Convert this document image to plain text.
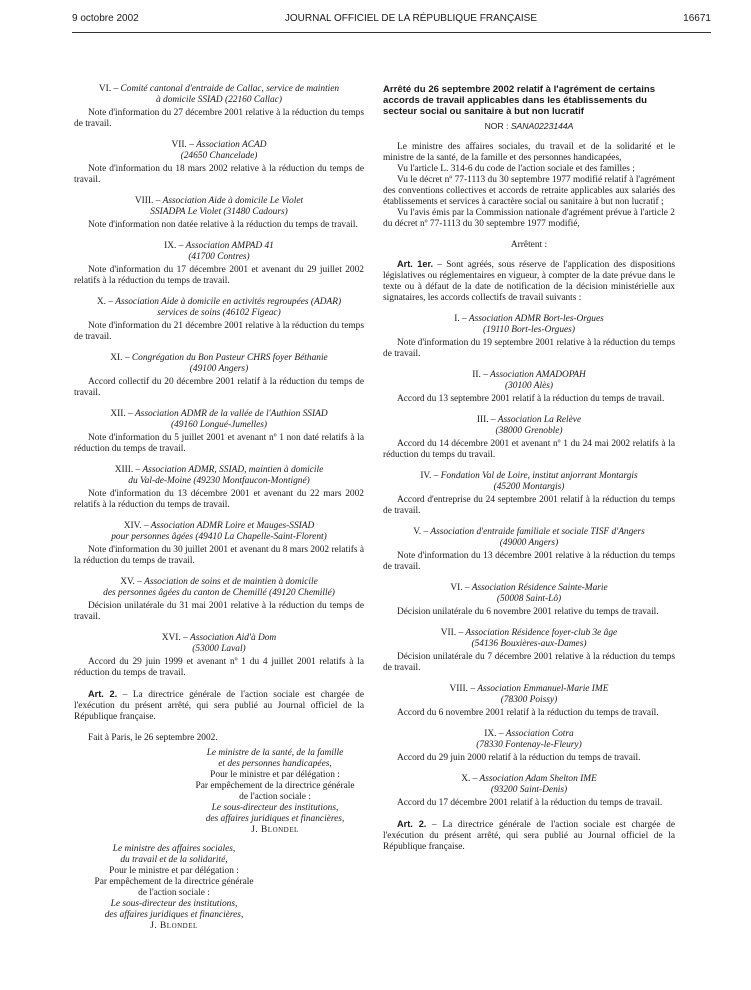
9 octobre 2002	JOURNAL OFFICIEL DE LA RÉPUBLIQUE FRANÇAISE	16671

VI. – Comité cantonal d'entraide de Callac, service de maintien

à domicile SSIAD (22160 Callac)

Note d'information du 27 décembre 2001 relative à la réduction du temps de travail.

VII. – Association ACAD

(24650 Chancelade)

Note d'information du 18 mars 2002 relative à la réduction du temps de travail.

VIII. – Association Aide à domicile Le Violet

SSIADPA Le Violet (31480 Cadours)

Note d'information non datée relative à la réduction du temps de travail.

IX. – Association AMPAD 41

(41700 Contres)

Note d'information du 17 décembre 2001 et avenant du 29 juillet 2002 relatifs à la réduction du temps de travail.

X. – Association Aide à domicile en activités regroupées (ADAR)

services de soins (46102 Figeac)

Note d'information du 21 décembre 2001 relative à la réduction du temps de travail.

XI. – Congrégation du Bon Pasteur CHRS foyer Béthanie

(49100 Angers)

Accord collectif du 20 décembre 2001 relatif à la réduction du temps de travail.

XII. – Association ADMR de la vallée de l'Authion SSIAD

(49160 Longué-Jumelles)

Note d'information du 5 juillet 2001 et avenant nº 1 non daté relatifs à la réduction du temps de travail.

XIII. – Association ADMR, SSIAD, maintien à domicile

du Val-de-Moine (49230 Montfaucon-Montigné)

Note d'information du 13 décembre 2001 et avenant du 22 mars 2002 relatifs à la réduction du temps de travail.

XIV. – Association ADMR Loire et Mauges-SSIAD

pour personnes âgées (49410 La Chapelle-Saint-Florent)

Note d'information du 30 juillet 2001 et avenant du 8 mars 2002 relatifs à la réduction du temps de travail.

XV. – Association de soins et de maintien à domicile

des personnes âgées du canton de Chemillé (49120 Chemillé)

Décision unilatérale du 31 mai 2001 relative à la réduction du temps de travail.

XVI. – Association Aid'à Dom

(53000 Laval)

Accord du 29 juin 1999 et avenant nº 1 du 4 juillet 2001 relatifs à la réduction du temps de travail.

Art. 2. – La directrice générale de l'action sociale est chargée de l'exécution du présent arrêté, qui sera publié au Journal officiel de la République française.

Fait à Paris, le 26 septembre 2002.

Le ministre de la santé, de la famille

et des personnes handicapées,

Pour le ministre et par délégation :

Par empêchement de la directrice générale

de l'action sociale :

Le sous-directeur des institutions,

des affaires juridiques et financières,

J. Blondel

Le ministre des affaires sociales,

du travail et de la solidarité,

Pour le ministre et par délégation :

Par empêchement de la directrice générale

de l'action sociale :

Le sous-directeur des institutions,

des affaires juridiques et financières,

J. Blondel

Arrêté du 26 septembre 2002 relatif à l'agrément de certains accords de travail applicables dans les établissements du secteur social ou sanitaire à but non lucratif

NOR : SANA0223144A

Le ministre des affaires sociales, du travail et de la solidarité et le ministre de la santé, de la famille et des personnes handicapées,

Vu l'article L. 314-6 du code de l'action sociale et des familles ;

Vu le décret nº 77-1113 du 30 septembre 1977 modifié relatif à l'agrément des conventions collectives et accords de retraite applicables aux salariés des établissements et services à caractère social ou sanitaire à but non lucratif ;

Vu l'avis émis par la Commission nationale d'agrément prévue à l'article 2 du décret nº 77-1113 du 30 septembre 1977 modifié,

Arrêtent :

Art. 1er. – Sont agréés, sous réserve de l'application des dispositions législatives ou réglementaires en vigueur, à compter de la date prévue dans le texte ou à défaut de la date de notification de la décision ministérielle aux signataires, les accords collectifs de travail suivants :

I. – Association ADMR Bort-les-Orgues

(19110 Bort-les-Orgues)

Note d'information du 19 septembre 2001 relative à la réduction du temps de travail.

II. – Association AMADOPAH

(30100 Alès)

Accord du 13 septembre 2001 relatif à la réduction du temps de travail.

III. – Association La Relève

(38000 Grenoble)

Accord du 14 décembre 2001 et avenant nº 1 du 24 mai 2002 relatifs à la réduction du temps du travail.

IV. – Fondation Val de Loire, institut anjorrant Montargis

(45200 Montargis)

Accord d'entreprise du 24 septembre 2001 relatif à la réduction du temps de travail.

V. – Association d'entraide familiale et sociale TISF d'Angers

(49000 Angers)

Note d'information du 13 décembre 2001 relative à la réduction du temps de travail.

VI. – Association Résidence Sainte-Marie

(50008 Saint-Lô)

Décision unilatérale du 6 novembre 2001 relative du temps de travail.

VII. – Association Résidence foyer-club 3e âge

(54136 Bouxières-aux-Dames)

Décision unilatérale du 7 décembre 2001 relative à la réduction du temps de travail.

VIII. – Association Emmanuel-Marie IME

(78300 Poissy)

Accord du 6 novembre 2001 relatif à la réduction du temps de travail.

IX. – Association Cotra

(78330 Fontenay-le-Fleury)

Accord du 29 juin 2000 relatif à la réduction du temps de travail.

X. – Association Adam Shelton IME

(93200 Saint-Denis)

Accord du 17 décembre 2001 relatif à la réduction du temps de travail.

Art. 2. – La directrice générale de l'action sociale est chargée de l'exécution du présent arrêté, qui sera publié au Journal officiel de la République française.
